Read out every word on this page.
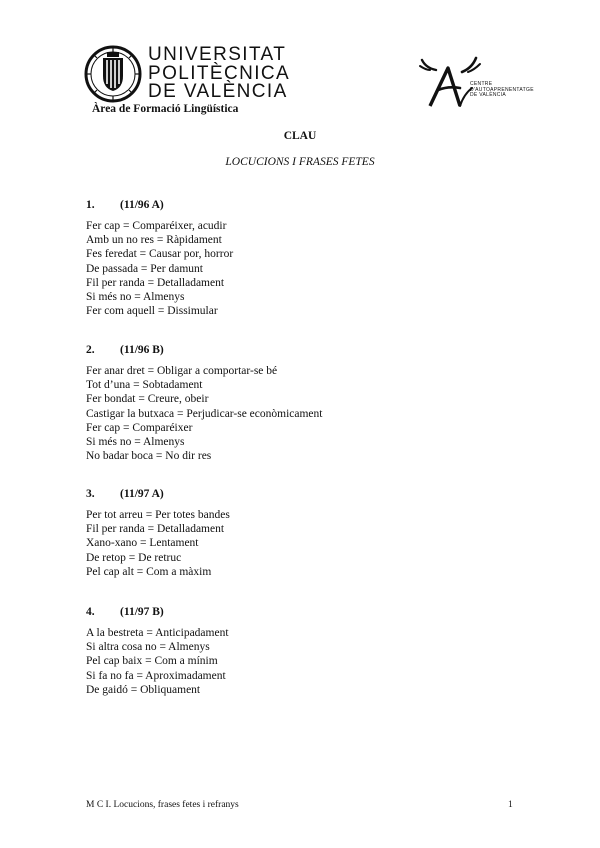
UNIVERSITAT
POLITÈCNICA
DE VALÈNCIA
Àrea de Formació Lingüística
CENTRE
D'AUTOAPRENENTATGE
DE VALÈNCIA
CLAU
LOCUCIONS I FRASES FETES
1. (11/96 A)
Fer cap = Comparéixer, acudir
Amb un no res = Ràpidament
Fes feredat = Causar por, horror
De passada = Per damunt
Fil per randa = Detalladament
Si més no = Almenys
Fer com aquell = Dissimular
2. (11/96 B)
Fer anar dret = Obligar a comportar-se bé
Tot d’una = Sobtadament
Fer bondat = Creure, obeir
Castigar la butxaca = Perjudicar-se econòmicament
Fer cap = Comparéixer
Si més no = Almenys
No badar boca = No dir res
3. (11/97 A)
Per tot arreu = Per totes bandes
Fil per randa = Detalladament
Xano-xano = Lentament
De retop = De retruc
Pel cap alt = Com a màxim
4. (11/97 B)
A la bestreta = Anticipadament
Si altra cosa no = Almenys
Pel cap baix = Com a mínim
Si fa no fa = Aproximadament
De gaidó = Obliquament
M C I. Locucions, frases fetes i refranys	1
